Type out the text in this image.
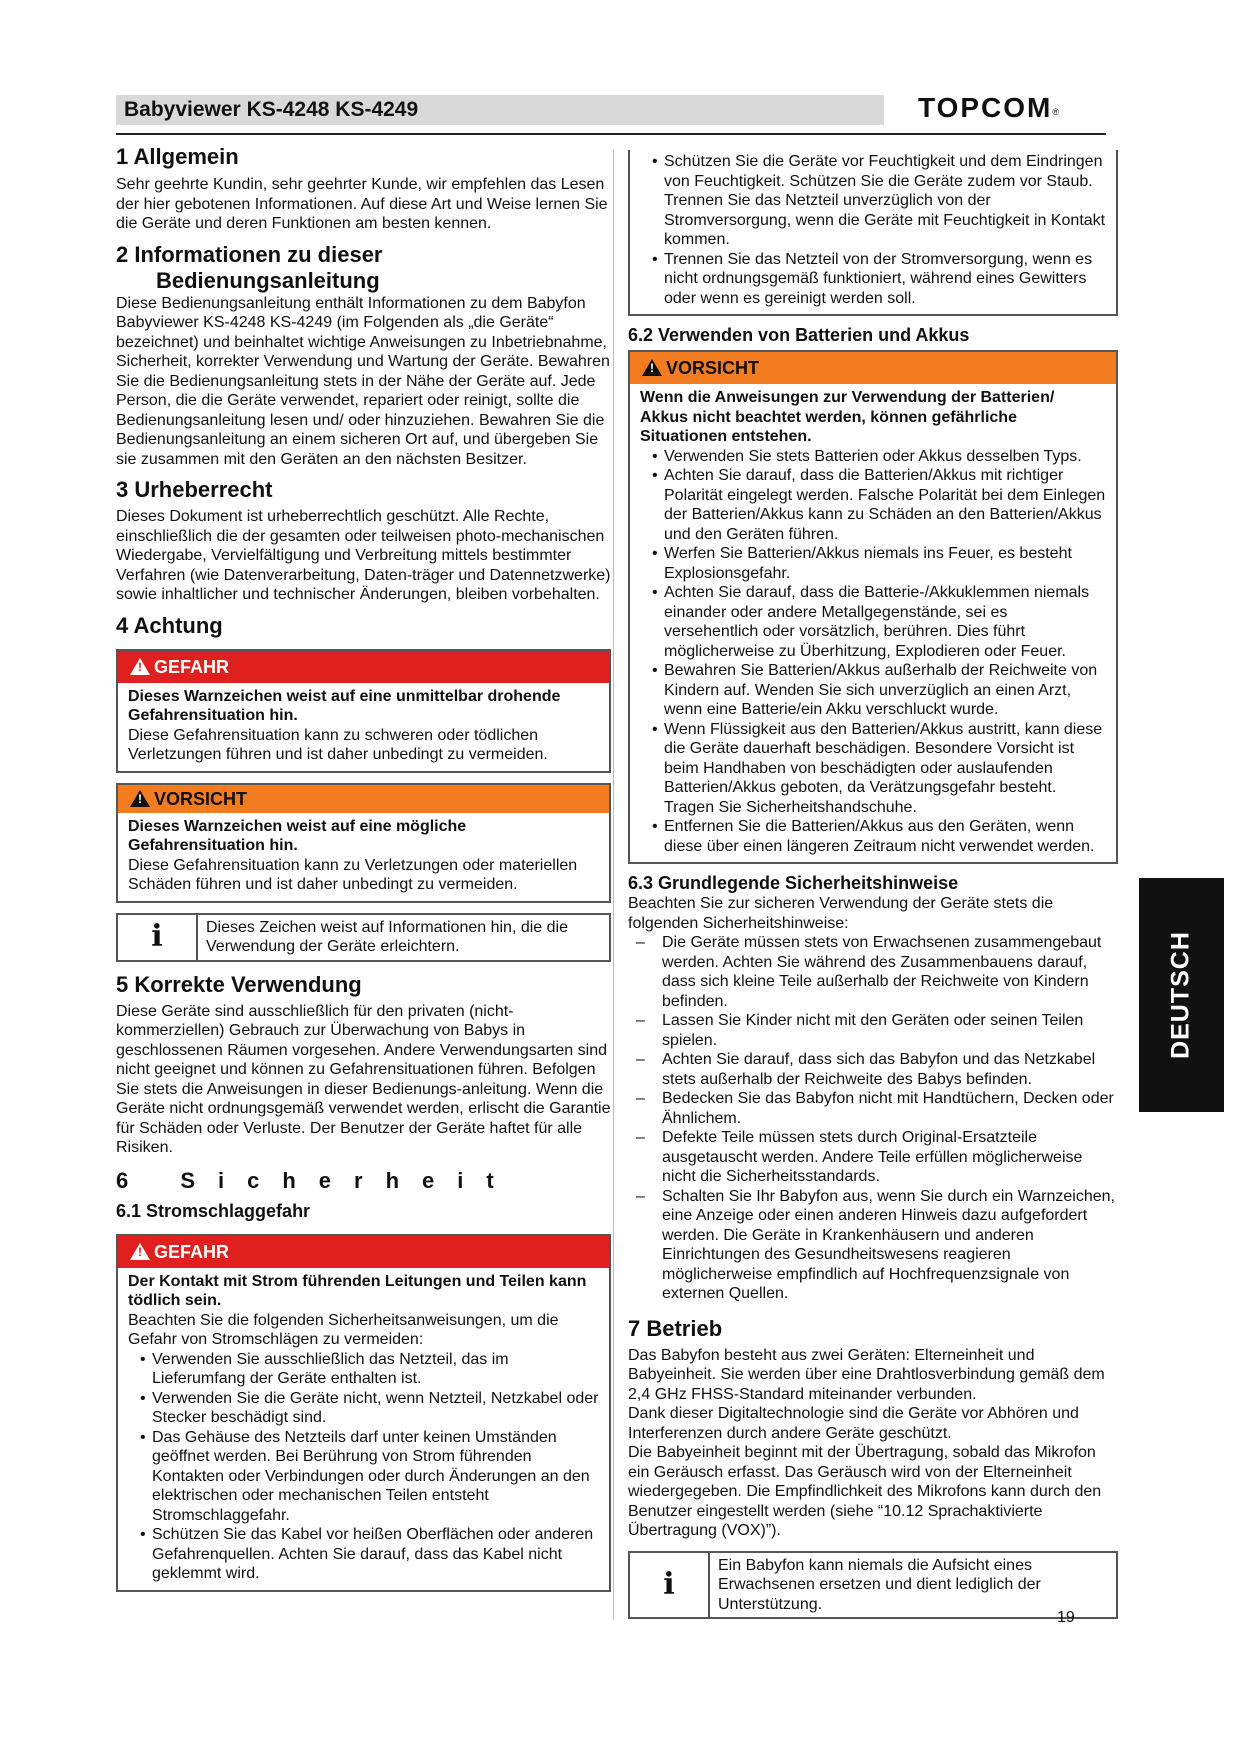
Babyviewer KS-4248 KS-4249	TOPCOM®
1 Allgemein

Sehr geehrte Kundin, sehr geehrter Kunde, wir empfehlen das Lesen der hier gebotenen Informationen. Auf diese Art und Weise lernen Sie die Geräte und deren Funktionen am besten kennen.

2 Informationen zu dieser
Bedienungsanleitung

Diese Bedienungsanleitung enthält Informationen zu dem Babyfon Babyviewer KS-4248 KS-4249 (im Folgenden als „die Geräte“ bezeichnet) und beinhaltet wichtige Anweisungen zu Inbetriebnahme, Sicherheit, korrekter Verwendung und Wartung der Geräte. Bewahren Sie die Bedienungsanleitung stets in der Nähe der Geräte auf. Jede Person, die die Geräte verwendet, repariert oder reinigt, sollte die Bedienungsanleitung lesen und/ oder hinzuziehen. Bewahren Sie die Bedienungsanleitung an einem sicheren Ort auf, und übergeben Sie sie zusammen mit den Geräten an den nächsten Besitzer.

3 Urheberrecht

Dieses Dokument ist urheberrechtlich geschützt. Alle Rechte, einschließlich die der gesamten oder teilweisen photo-mechanischen Wiedergabe, Vervielfältigung und Verbreitung mittels bestimmter Verfahren (wie Datenverarbeitung, Daten-träger und Datennetzwerke) sowie inhaltlicher und technischer Änderungen, bleiben vorbehalten.

4 Achtung
! GEFAHR

Dieses Warnzeichen weist auf eine unmittelbar drohende Gefahrensituation hin.

Diese Gefahrensituation kann zu schweren oder tödlichen Verletzungen führen und ist daher unbedingt zu vermeiden.

! VORSICHT

Dieses Warnzeichen weist auf eine mögliche Gefahrensituation hin.

Diese Gefahrensituation kann zu Verletzungen oder materiellen Schäden führen und ist daher unbedingt zu vermeiden.

i	Dieses Zeichen weist auf Informationen hin, die die Verwendung der Geräte erleichtern.
5 Korrekte Verwendung

Diese Geräte sind ausschließlich für den privaten (nicht-kommerziellen) Gebrauch zur Überwachung von Babys in geschlossenen Räumen vorgesehen. Andere Verwendungsarten sind nicht geeignet und können zu Gefahrensituationen führen. Befolgen Sie stets die Anweisungen in dieser Bedienungs-anleitung. Wenn die Geräte nicht ordnungsgemäß verwendet werden, erlischt die Garantie für Schäden oder Verluste. Der Benutzer der Geräte haftet für alle Risiken.

6 Sicherheit
6.1 Stromschlaggefahr
! GEFAHR

Der Kontakt mit Strom führenden Leitungen und Teilen kann tödlich sein.

Beachten Sie die folgenden Sicherheitsanweisungen, um die Gefahr von Stromschlägen zu vermeiden:

• Verwenden Sie ausschließlich das Netzteil, das im Lieferumfang der Geräte enthalten ist.
• Verwenden Sie die Geräte nicht, wenn Netzteil, Netzkabel oder Stecker beschädigt sind.
• Das Gehäuse des Netzteils darf unter keinen Umständen geöffnet werden. Bei Berührung von Strom führenden Kontakten oder Verbindungen oder durch Änderungen an den elektrischen oder mechanischen Teilen entsteht Stromschlaggefahr.
• Schützen Sie das Kabel vor heißen Oberflächen oder anderen Gefahrenquellen. Achten Sie darauf, dass das Kabel nicht geklemmt wird.
• Schützen Sie die Geräte vor Feuchtigkeit und dem Eindringen von Feuchtigkeit. Schützen Sie die Geräte zudem vor Staub. Trennen Sie das Netzteil unverzüglich von der Stromversorgung, wenn die Geräte mit Feuchtigkeit in Kontakt kommen.
• Trennen Sie das Netzteil von der Stromversorgung, wenn es nicht ordnungsgemäß funktioniert, während eines Gewitters oder wenn es gereinigt werden soll.
6.2 Verwenden von Batterien und Akkus
! VORSICHT

Wenn die Anweisungen zur Verwendung der Batterien/ Akkus nicht beachtet werden, können gefährliche Situationen entstehen.

• Verwenden Sie stets Batterien oder Akkus desselben Typs.
• Achten Sie darauf, dass die Batterien/Akkus mit richtiger Polarität eingelegt werden. Falsche Polarität bei dem Einlegen der Batterien/Akkus kann zu Schäden an den Batterien/Akkus und den Geräten führen.
• Werfen Sie Batterien/Akkus niemals ins Feuer, es besteht Explosionsgefahr.
• Achten Sie darauf, dass die Batterie-/Akkuklemmen niemals einander oder andere Metallgegenstände, sei es versehentlich oder vorsätzlich, berühren. Dies führt möglicherweise zu Überhitzung, Explodieren oder Feuer.
• Bewahren Sie Batterien/Akkus außerhalb der Reichweite von Kindern auf. Wenden Sie sich unverzüglich an einen Arzt, wenn eine Batterie/ein Akku verschluckt wurde.
• Wenn Flüssigkeit aus den Batterien/Akkus austritt, kann diese die Geräte dauerhaft beschädigen. Besondere Vorsicht ist beim Handhaben von beschädigten oder auslaufenden Batterien/Akkus geboten, da Verätzungsgefahr besteht. Tragen Sie Sicherheitshandschuhe.
• Entfernen Sie die Batterien/Akkus aus den Geräten, wenn diese über einen längeren Zeitraum nicht verwendet werden.
6.3 Grundlegende Sicherheitshinweise

Beachten Sie zur sicheren Verwendung der Geräte stets die folgenden Sicherheitshinweise:

– Die Geräte müssen stets von Erwachsenen zusammengebaut werden. Achten Sie während des Zusammenbauens darauf, dass sich kleine Teile außerhalb der Reichweite von Kindern befinden.
– Lassen Sie Kinder nicht mit den Geräten oder seinen Teilen spielen.
– Achten Sie darauf, dass sich das Babyfon und das Netzkabel stets außerhalb der Reichweite des Babys befinden.
– Bedecken Sie das Babyfon nicht mit Handtüchern, Decken oder Ähnlichem.
– Defekte Teile müssen stets durch Original-Ersatzteile ausgetauscht werden. Andere Teile erfüllen möglicherweise nicht die Sicherheitsstandards.
– Schalten Sie Ihr Babyfon aus, wenn Sie durch ein Warnzeichen, eine Anzeige oder einen anderen Hinweis dazu aufgefordert werden. Die Geräte in Krankenhäusern und anderen Einrichtungen des Gesundheitswesens reagieren möglicherweise empfindlich auf Hochfrequenzsignale von externen Quellen.
7 Betrieb

Das Babyfon besteht aus zwei Geräten: Elterneinheit und Babyeinheit. Sie werden über eine Drahtlosverbindung gemäß dem 2,4 GHz FHSS-Standard miteinander verbunden.

Dank dieser Digitaltechnologie sind die Geräte vor Abhören und Interferenzen durch andere Geräte geschützt.

Die Babyeinheit beginnt mit der Übertragung, sobald das Mikrofon ein Geräusch erfasst. Das Geräusch wird von der Elterneinheit wiedergegeben. Die Empfindlichkeit des Mikrofons kann durch den Benutzer eingestellt werden (siehe “10.12 Sprachaktivierte Übertragung (VOX)”).

i
Ein Babyfon kann niemals die Aufsicht eines Erwachsenen ersetzen und dient lediglich der Unterstützung.
DEUTSCH
19
